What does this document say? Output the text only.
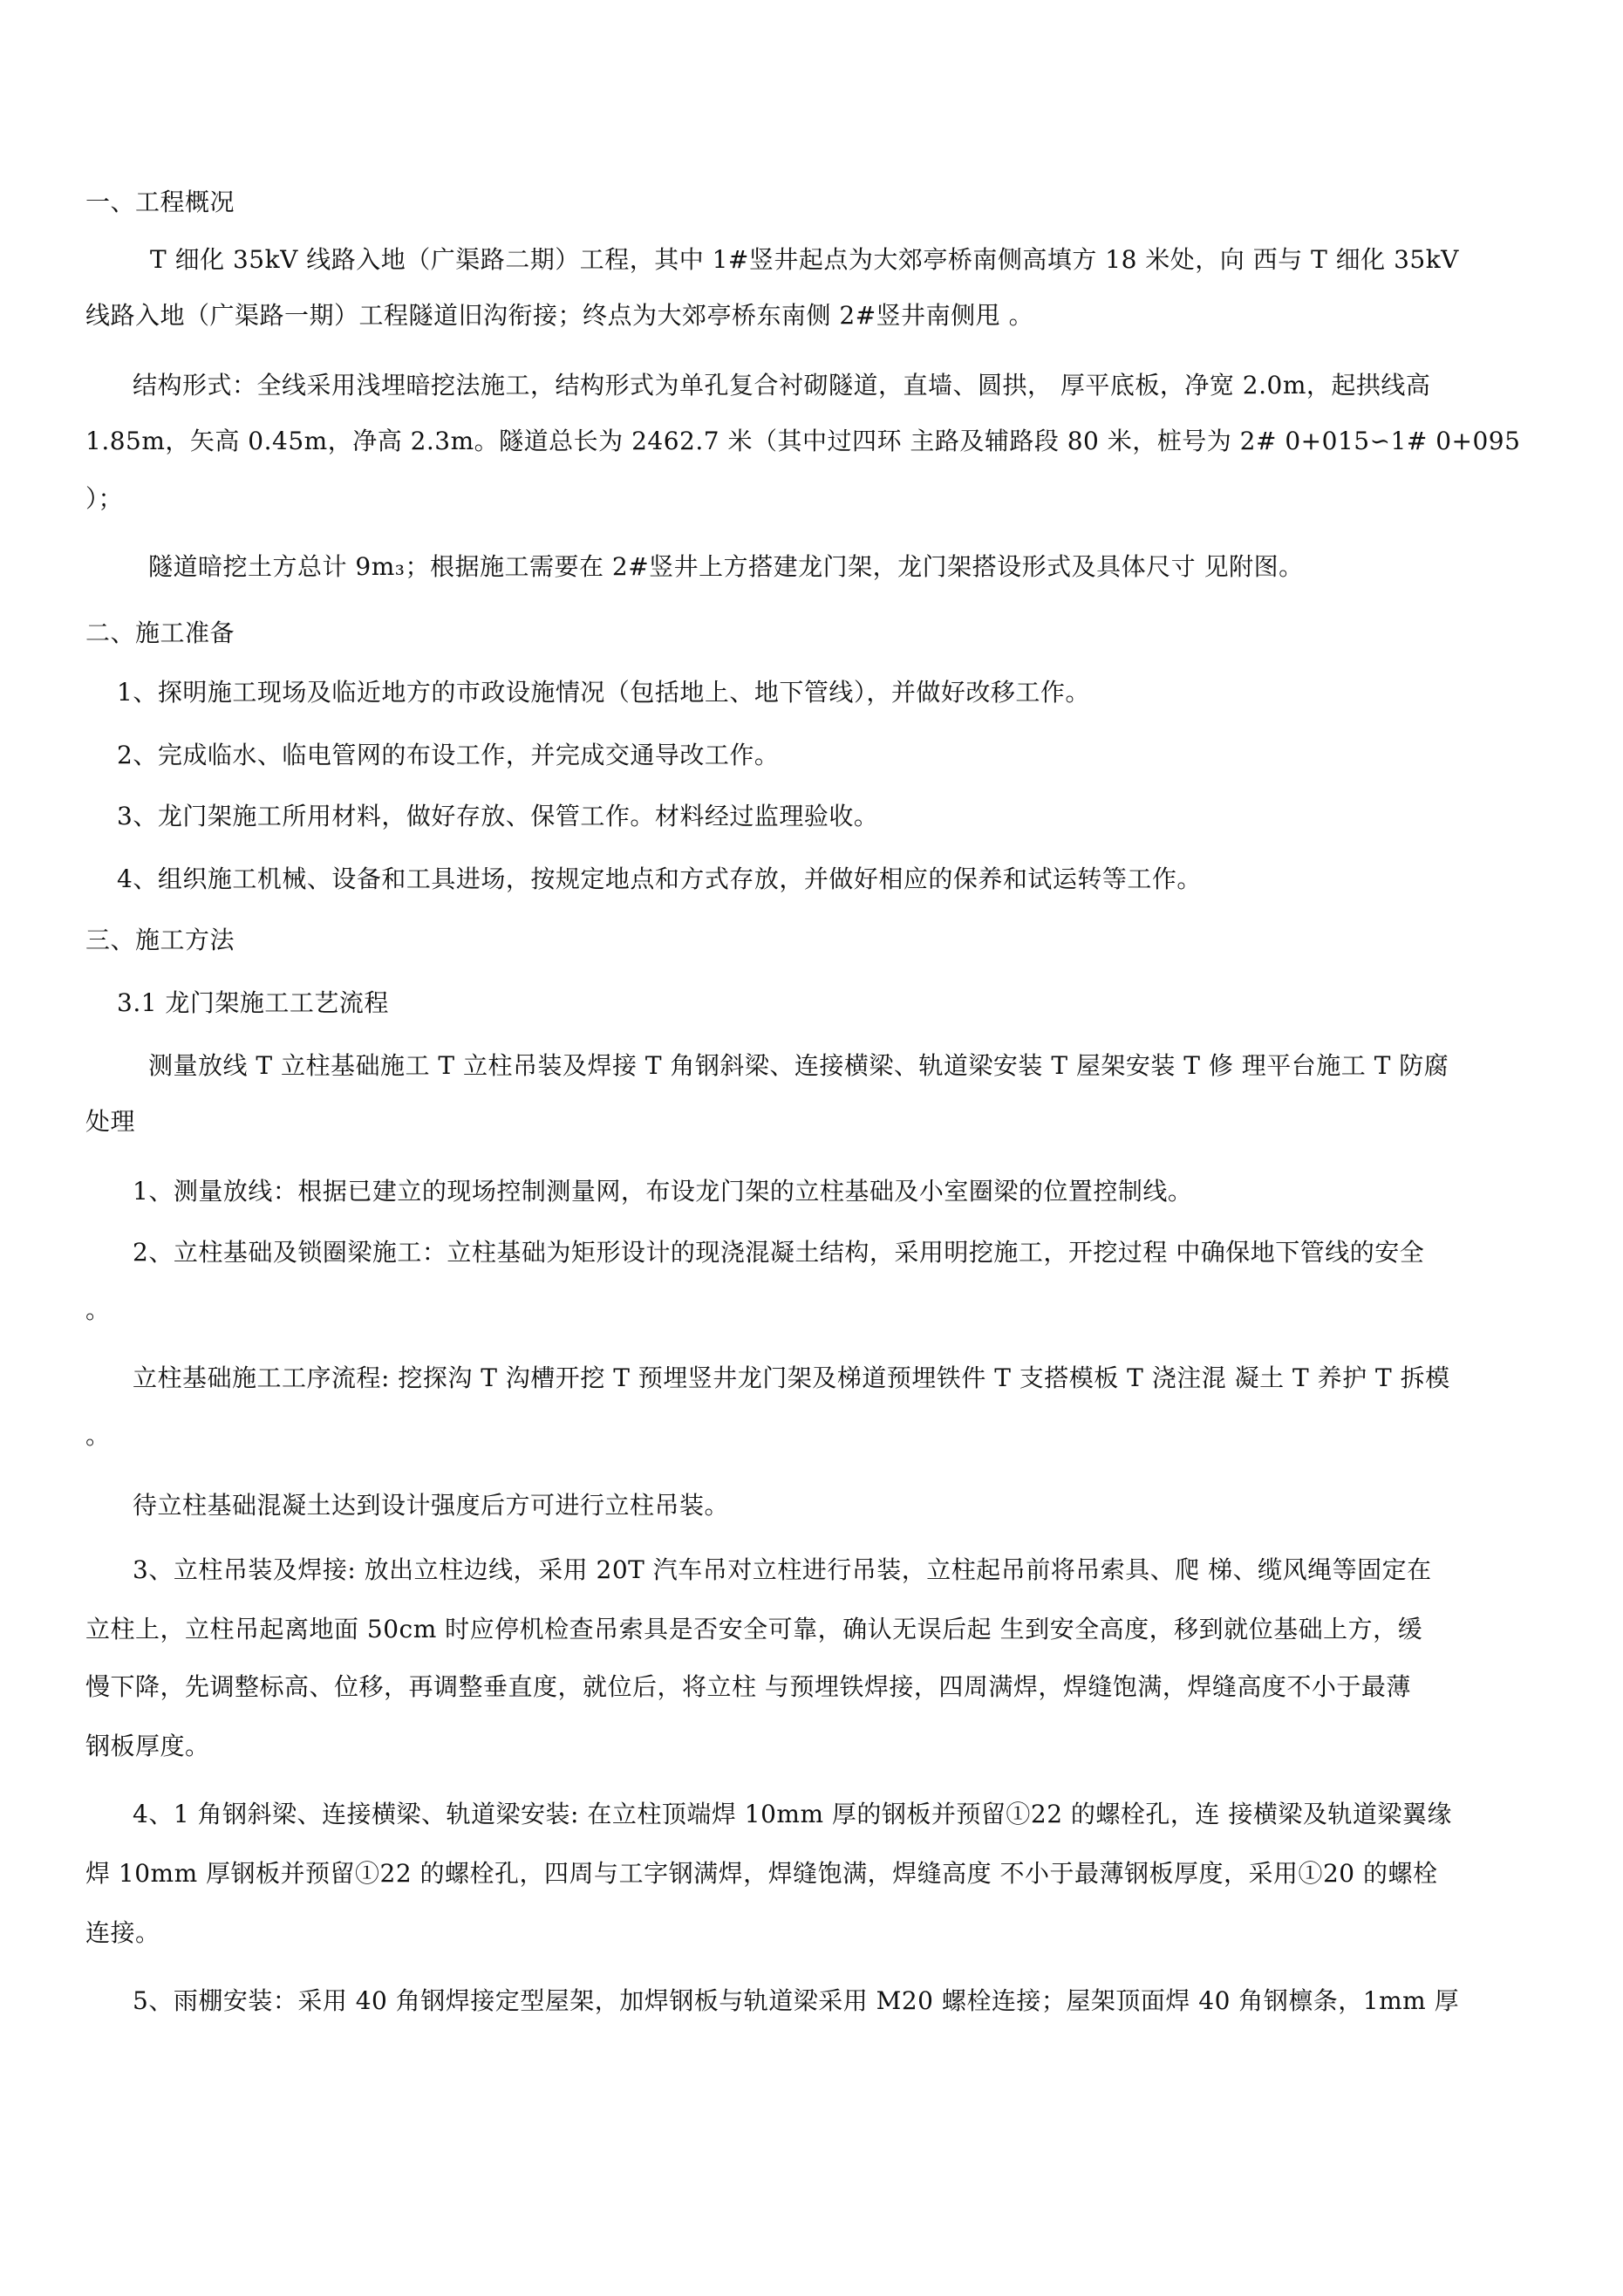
一、工程概况
T 细化 35kV 线路入地（广渠路二期）工程，其中 1#竖井起点为大郊亭桥南侧高填方 18 米处，向 西与 T 细化 35kV
线路入地（广渠路一期）工程隧道旧沟衔接；终点为大郊亭桥东南侧 2#竖井南侧甩 。
结构形式：全线采用浅埋暗挖法施工，结构形式为单孔复合衬砌隧道，直墙、圆拱， 厚平底板，净宽 2.0m，起拱线高
1.85m，矢高 0.45m，净高 2.3m。隧道总长为 2462.7 米（其中过四环 主路及辅路段 80 米，桩号为 2# 0+015∽1# 0+095
）；
隧道暗挖土方总计 9m₃；根据施工需要在 2#竖井上方搭建龙门架，龙门架搭设形式及具体尺寸 见附图。
二、施工准备
1、探明施工现场及临近地方的市政设施情况（包括地上、地下管线），并做好改移工作。
2、完成临水、临电管网的布设工作，并完成交通导改工作。
3、龙门架施工所用材料，做好存放、保管工作。材料经过监理验收。
4、组织施工机械、设备和工具进场，按规定地点和方式存放，并做好相应的保养和试运转等工作。
三、施工方法
3.1 龙门架施工工艺流程
测量放线 T 立柱基础施工 T 立柱吊装及焊接 T 角钢斜梁、连接横梁、轨道梁安装 T 屋架安装 T 修 理平台施工 T 防腐
处理
1、测量放线：根据已建立的现场控制测量网，布设龙门架的立柱基础及小室圈梁的位置控制线。
2、立柱基础及锁圈梁施工：立柱基础为矩形设计的现浇混凝土结构，采用明挖施工，开挖过程 中确保地下管线的安全
。
立柱基础施工工序流程: 挖探沟 T 沟槽开挖 T 预埋竖井龙门架及梯道预埋铁件 T 支搭模板 T 浇注混 凝土 T 养护 T 拆模
。
待立柱基础混凝土达到设计强度后方可进行立柱吊装。
3、立柱吊装及焊接: 放出立柱边线，采用 20T 汽车吊对立柱进行吊装，立柱起吊前将吊索具、爬 梯、缆风绳等固定在
立柱上，立柱吊起离地面 50cm 时应停机检查吊索具是否安全可靠，确认无误后起 生到安全高度，移到就位基础上方，缓
慢下降，先调整标高、位移，再调整垂直度，就位后，将立柱 与预埋铁焊接，四周满焊，焊缝饱满，焊缝高度不小于最薄
钢板厚度。
4、1 角钢斜梁、连接横梁、轨道梁安装: 在立柱顶端焊 10mm 厚的钢板并预留①22 的螺栓孔，连 接横梁及轨道梁翼缘
焊 10mm 厚钢板并预留①22 的螺栓孔，四周与工字钢满焊，焊缝饱满，焊缝高度 不小于最薄钢板厚度，采用①20 的螺栓
连接。
5、雨棚安装：采用 40 角钢焊接定型屋架，加焊钢板与轨道梁采用 M20 螺栓连接；屋架顶面焊 40 角钢檩条，1mm 厚
